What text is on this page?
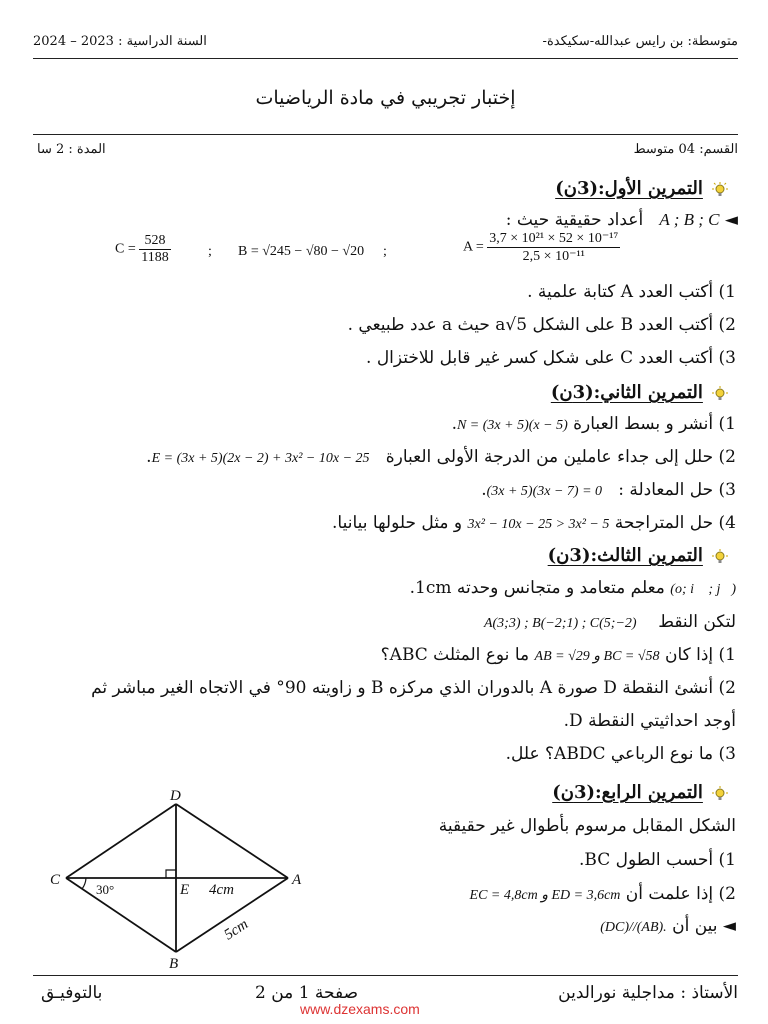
متوسطة: بن رايس عبدالله-سكيكدة-
السنة الدراسية : 2023 – 2024
إختبار تجريبي في مادة الرياضيات
القسم: 04 متوسط
المدة : 2 سا
التمرين الأول:(3ن)
◄ A ; B ; C   أعداد حقيقية حيث :
$A = \frac{\text{3,7 × 10²¹ × 52 × 10⁻¹⁷}}{\text{2,5 × 10⁻¹¹}}$
;
B = √245 − √80 − √20
;
$C = \frac{528}{1188}$
1) أكتب العدد A كتابة علمية .
2) أكتب العدد B على الشكل a√5 حيث a عدد طبيعي .
3) أكتب العدد C على شكل كسر غير قابل للاختزال .
التمرين الثاني:(3ن)
1) أنشر و بسط العبارة N = (3x + 5)(x − 5).
2) حلل إلى جداء عاملين من الدرجة الأولى العبارة   E = (3x + 5)(2x − 2) + 3x² − 10x − 25.
3) حل المعادلة :   (3x + 5)(3x − 7) = 0.
4) حل المتراجحة 3x² − 10x − 25 > 3x² − 5 و مثل حلولها بيانيا.
التمرين الثالث:(3ن)
(o; i⃗ ; j⃗) معلم متعامد و متجانس وحدته 1cm.
لتكن النقط    A(3;3) ; B(−2;1) ; C(5;−2)
1) إذا كان AB = √29 و BC = √58 ما نوع المثلث ABC؟
2) أنشئ النقطة D صورة A بالدوران الذي مركزه B و زاويته 90° في الاتجاه الغير مباشر ثم
أوجد احداثيتي النقطة D.
3) ما نوع الرباعي ABDC؟ علل.
التمرين الرابع:(3ن)
الشكل المقابل مرسوم بأطوال غير حقيقية
1) أحسب الطول BC.
2) إذا علمت أن EC = 4,8cm و ED = 3,6cm
◄ بين أن (DC)//(AB).
D
C	A
B
E 4cm
5cm
30°
الأستاذ : مداجلية نورالدين
صفحة 1 من 2
بالتوفيـق
www.dzexams.com
